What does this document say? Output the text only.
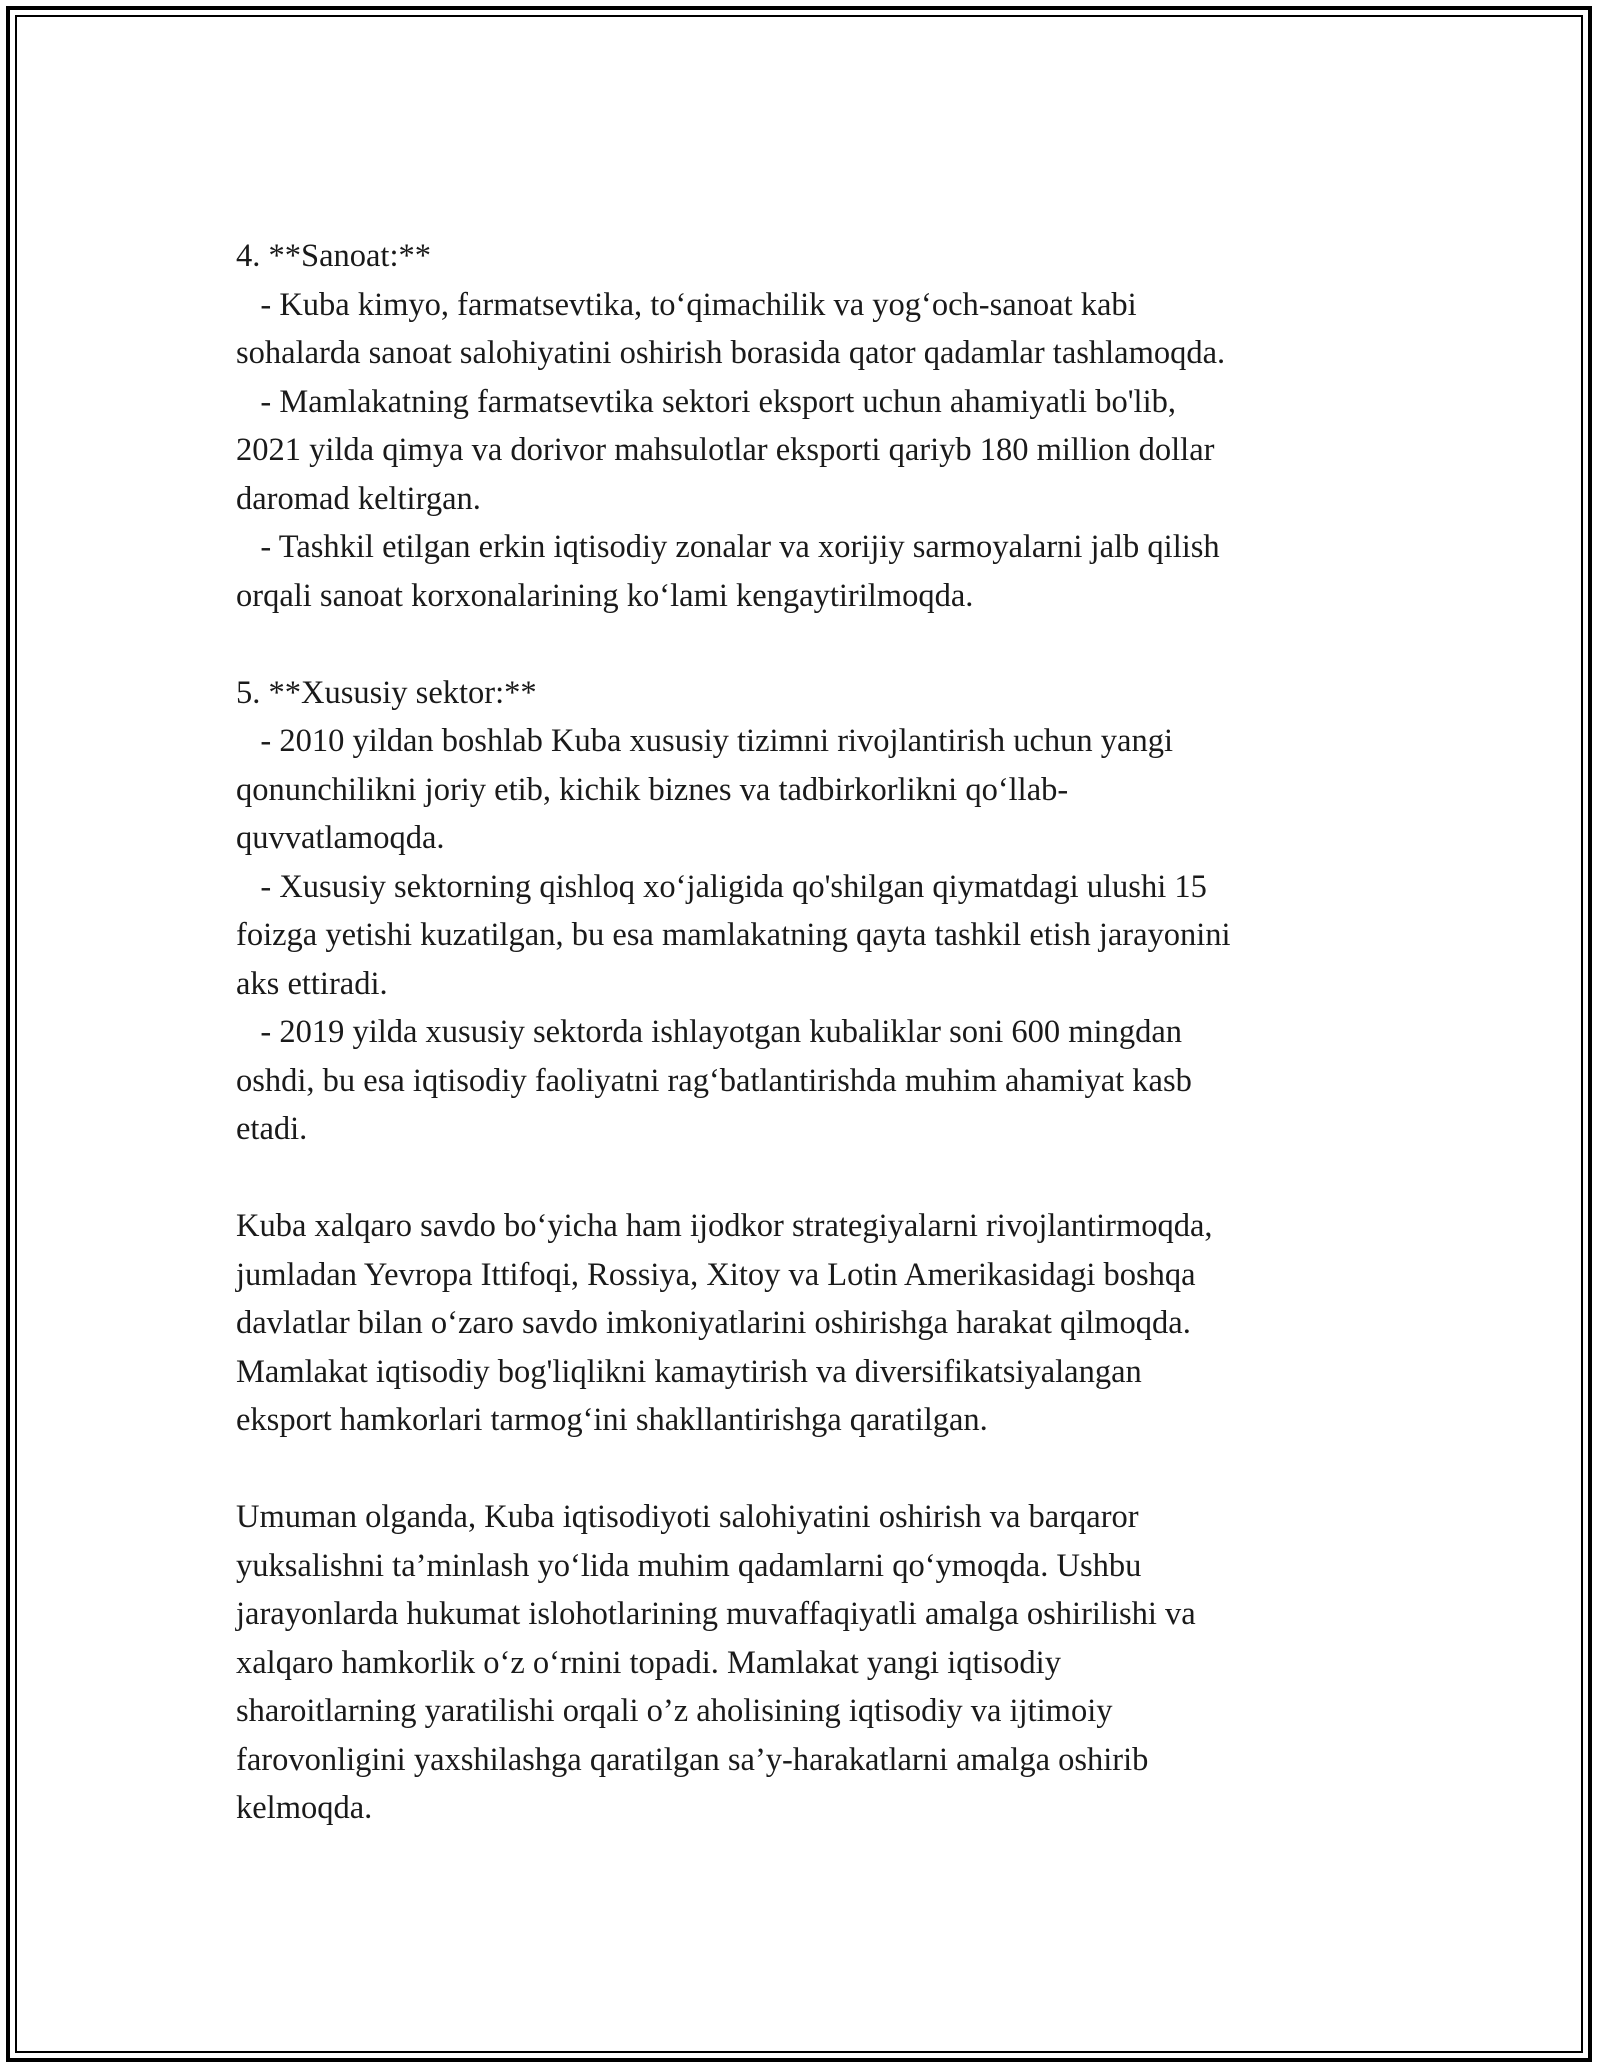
4. **Sanoat:**
- Kuba kimyo, farmatsevtika, to‘qimachilik va yog‘och-sanoat kabi
sohalarda sanoat salohiyatini oshirish borasida qator qadamlar tashlamoqda.
- Mamlakatning farmatsevtika sektori eksport uchun ahamiyatli bo'lib,
2021 yilda qimya va dorivor mahsulotlar eksporti qariyb 180 million dollar
daromad keltirgan.
- Tashkil etilgan erkin iqtisodiy zonalar va xorijiy sarmoyalarni jalb qilish
orqali sanoat korxonalarining ko‘lami kengaytirilmoqda.
5. **Xususiy sektor:**
- 2010 yildan boshlab Kuba xususiy tizimni rivojlantirish uchun yangi
qonunchilikni joriy etib, kichik biznes va tadbirkorlikni qo‘llab-
quvvatlamoqda.
- Xususiy sektorning qishloq xo‘jaligida qo'shilgan qiymatdagi ulushi 15
foizga yetishi kuzatilgan, bu esa mamlakatning qayta tashkil etish jarayonini
aks ettiradi.
- 2019 yilda xususiy sektorda ishlayotgan kubaliklar soni 600 mingdan
oshdi, bu esa iqtisodiy faoliyatni rag‘batlantirishda muhim ahamiyat kasb
etadi.
Kuba xalqaro savdo bo‘yicha ham ijodkor strategiyalarni rivojlantirmoqda,
jumladan Yevropa Ittifoqi, Rossiya, Xitoy va Lotin Amerikasidagi boshqa
davlatlar bilan o‘zaro savdo imkoniyatlarini oshirishga harakat qilmoqda.
Mamlakat iqtisodiy bog'liqlikni kamaytirish va diversifikatsiyalangan
eksport hamkorlari tarmog‘ini shakllantirishga qaratilgan.
Umuman olganda, Kuba iqtisodiyoti salohiyatini oshirish va barqaror
yuksalishni ta’minlash yo‘lida muhim qadamlarni qo‘ymoqda. Ushbu
jarayonlarda hukumat islohotlarining muvaffaqiyatli amalga oshirilishi va
xalqaro hamkorlik o‘z o‘rnini topadi. Mamlakat yangi iqtisodiy
sharoitlarning yaratilishi orqali o’z aholisining iqtisodiy va ijtimoiy
farovonligini yaxshilashga qaratilgan sa’y-harakatlarni amalga oshirib
kelmoqda.
